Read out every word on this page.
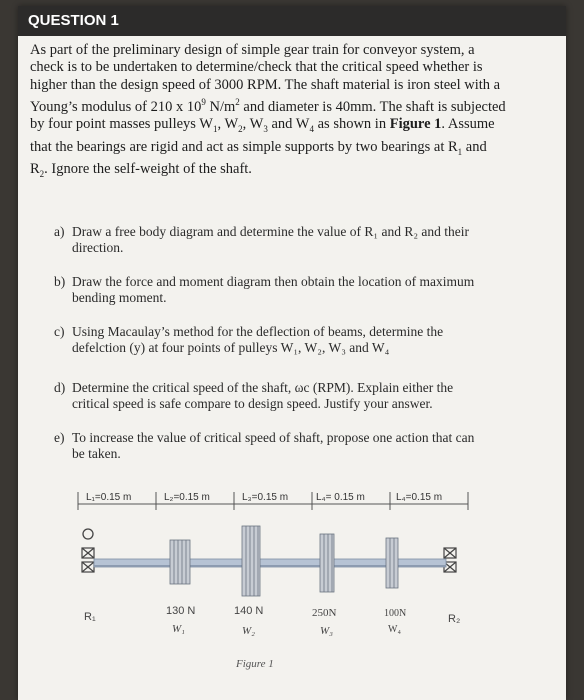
QUESTION 1

As part of the preliminary design of simple gear train for conveyor system, a

check is to be undertaken to determine/check that the critical speed whether is

higher than the design speed of 3000 RPM. The shaft material is iron steel with a

Young’s modulus of 210 x $10^9$ $N/m^2$ and diameter is 40mm. The shaft is subjected

by four point masses pulleys $W_1$, $W_2$, $W_3$ and $W_4$ as shown in Figure 1. Assume

that the bearings are rigid and act as simple supports by two bearings at $R_1$ and

$R_2$. Ignore the self-weight of the shaft.

a) Draw a free body diagram and determine the value of R₁ and R₂ and their
direction.
b) Draw the force and moment diagram then obtain the location of maximum
bending moment.
c) Using Macaulay’s method for the deflection of beams, determine the
defelction (y) at four points of pulleys W₁, W₂, W₃ and W₄
d) Determine the critical speed of the shaft, ωc (RPM). Explain either the
critical speed is safe compare to design speed. Justify your answer.
e) To increase the value of critical speed of shaft, propose one action that can
be taken.
L₁=0.15 m	L₂=0.15 m	L₃=0.15 m	L₄= 0.15 m	L₄=0.15 m
R₁	R₂
130 N
W₁
140 N
W₂
250N
W₃
100N
W₄
Figure 1
